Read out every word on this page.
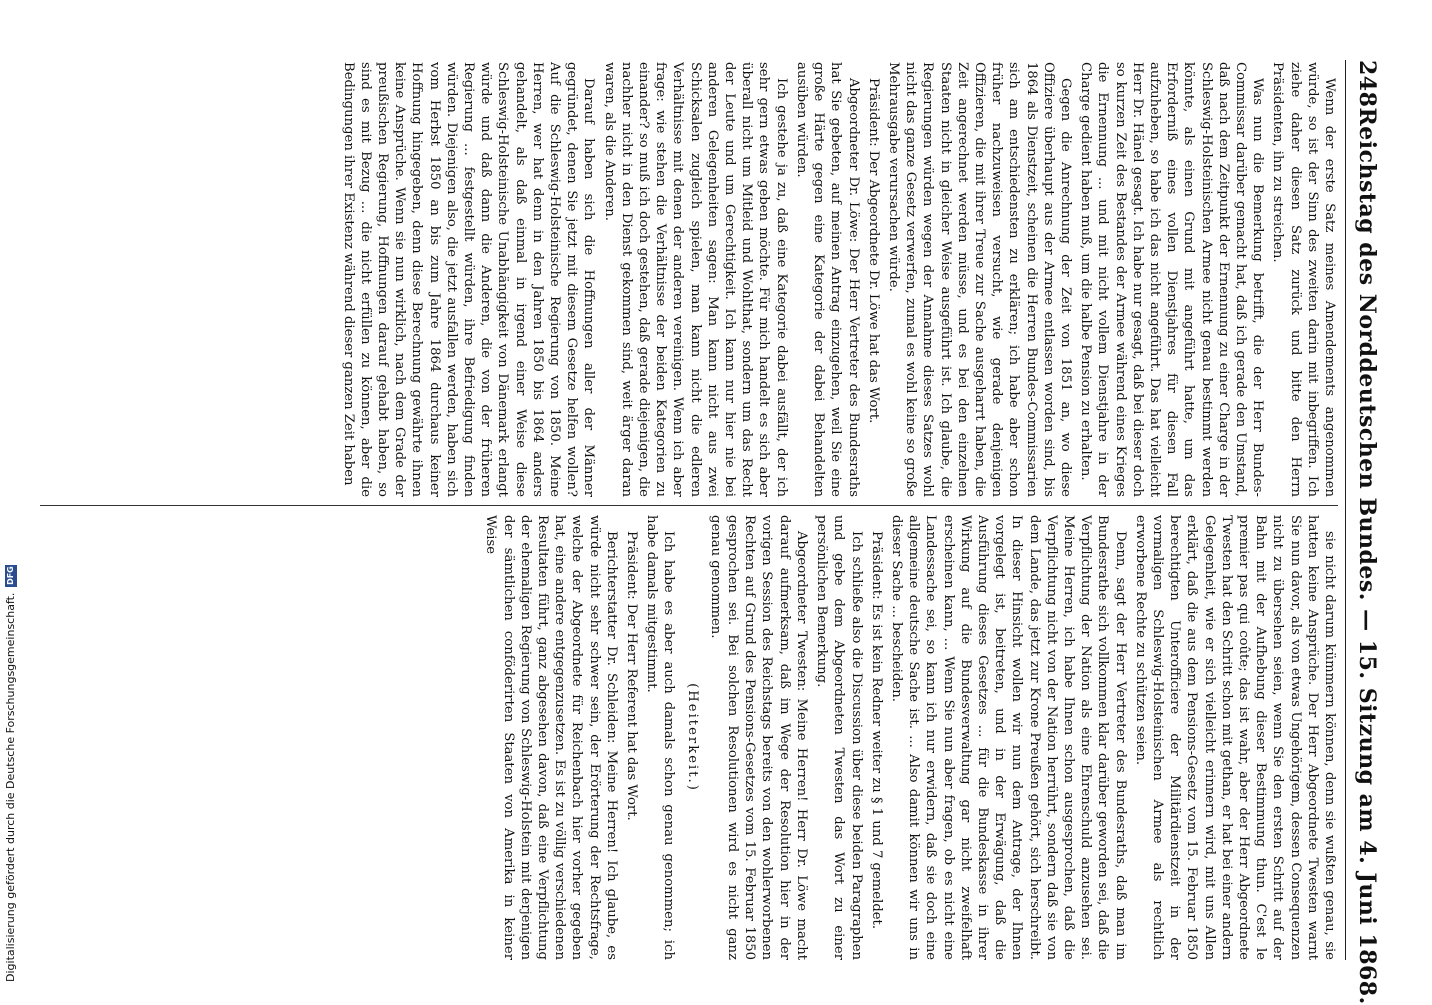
248
Reichstag des Norddeutschen Bundes. — 15. Sitzung am 4. Juni 1868.

Wenn der erste Satz meines Amendements angenommen würde, so ist der Sinn des zweiten darin mit inbegriffen. Ich ziehe daher diesen Satz zurück und bitte den Herrn Präsidenten, ihn zu streichen.

Was nun die Bemerkung betrifft, die der Herr Bundes-Commissar darüber gemacht hat, daß ich gerade den Umstand, daß nach dem Zeitpunkt der Ernennung zu einer Charge in der Schleswig-Holsteinischen Armee nicht genau bestimmt werden könnte, als einen Grund mit angeführt hatte, um das Erforderniß eines vollen Dienstjahres für diesen Fall aufzuheben, so habe ich das nicht angeführt. Das hat vielleicht Herr Dr. Hänel gesagt. Ich habe nur gesagt, daß bei dieser doch so kurzen Zeit des Bestandes der Armee während eines Krieges die Ernennung ... und mit nicht vollem Dienstjahre in der Charge gedient haben muß, um die halbe Pension zu erhalten.

Gegen die Anrechnung der Zeit von 1851 an, wo diese Offiziere überhaupt aus der Armee entlassen worden sind, bis 1864 als Dienstzeit, scheinen die Herren Bundes-Commissarien sich am entschiedensten zu erklären; ich habe aber schon früher nachzuweisen versucht, wie gerade denjenigen Offizieren, die mit ihrer Treue zur Sache ausgeharrt haben, die Zeit angerechnet werden müsse, und es bei den einzelnen Staaten nicht in gleicher Weise ausgeführt ist. Ich glaube, die Regierungen würden wegen der Annahme dieses Satzes wohl nicht das ganze Gesetz verwerfen, zumal es wohl keine so große Mehrausgabe verursachen würde.

Präsident: Der Abgeordnete Dr. Löwe hat das Wort.

Abgeordneter Dr. Löwe: Der Herr Vertreter des Bundesraths hat Sie gebeten, auf meinen Antrag einzugehen, weil Sie eine große Härte gegen eine Kategorie der dabei Behandelten ausüben würden.

Ich gestehe ja zu, daß eine Kategorie dabei ausfällt, der ich sehr gern etwas geben möchte. Für mich handelt es sich aber überall nicht um Mitleid und Wohlthat, sondern um das Recht der Leute und um Gerechtigkeit. Ich kann nur hier nie bei anderen Gelegenheiten sagen: Man kann nicht aus zwei Schicksalen zugleich spielen, man kann nicht die edleren Verhältnisse mit denen der anderen vereinigen. Wenn ich aber frage: wie stehen die Verhältnisse der beiden Kategorien zu einander? so muß ich doch gestehen, daß gerade diejenigen, die nachher nicht in den Dienst gekommen sind, weit ärger daran waren, als die Anderen.

Darauf haben sich die Hoffnungen aller der Männer gegründet, denen Sie jetzt mit diesem Gesetze helfen wollen? Auf die Schleswig-Holsteinische Regierung von 1850. Meine Herren, wer hat denn in den Jahren 1850 bis 1864 anders gehandelt, als daß einmal in irgend einer Weise diese Schleswig-Holsteinische Unabhängigkeit von Dänemark erlangt würde und daß dann die Anderen, die von der früheren Regierung ... festgestellt würden, ihre Befriedigung finden würden. Diejenigen also, die jetzt ausfallen werden, haben sich vom Herbst 1850 an bis zum Jahre 1864 durchaus keiner Hoffnung hingegeben, denn diese Berechnung gewährte ihnen keine Ansprüche. Wenn sie nun wirklich, nach dem Grade der preußischen Regierung, Hoffnungen darauf gehabt haben, so sind es mit Bezug ... die nicht erfüllen zu können, aber die Bedingungen ihrer Existenz während dieser ganzen Zeit haben

sie nicht darum kümmern können, denn sie wußten genau, sie hatten keine Ansprüche. Der Herr Abgeordnete Twesten warnt Sie nun davor, als von etwas Ungehörigem, dessen Consequenzen nicht zu übersehen seien, wenn Sie den ersten Schritt auf der Bahn mit der Aufhebung dieser Bestimmung thun. C'est le premier pas qui coûte; das ist wahr, aber der Herr Abgeordnete Twesten hat den Schritt schon mit gethan, er hat bei einer andern Gelegenheit, wie er sich vielleicht erinnern wird, mit uns Allen erklärt, daß die aus dem Pensions-Gesetz vom 15. Februar 1850 berechtigten Unterofficiere der Militärdienstzeit in der vormaligen Schleswig-Holsteinischen Armee als rechtlich erworbene Rechte zu schützen seien.

Denn, sagt der Herr Vertreter des Bundesraths, daß man im Bundesrathe sich vollkommen klar darüber geworden sei, daß die Verpflichtung der Nation als eine Ehrenschuld anzusehen sei. Meine Herren, ich habe Ihnen schon ausgesprochen, daß die Verpflichtung nicht von der Nation herrührt, sondern daß sie von dem Lande, das jetzt zur Krone Preußen gehört, sich herschreibt. In dieser Hinsicht wollen wir nun dem Antrage, der Ihnen vorgelegt ist, beitreten, und in der Erwägung, daß die Ausführung dieses Gesetzes ... für die Bundeskasse in ihrer Wirkung auf die Bundesverwaltung gar nicht zweifelhaft erscheinen kann, ... Wenn Sie nun aber fragen, ob es nicht eine Landessache sei, so kann ich nur erwidern, daß sie doch eine allgemeine deutsche Sache ist. ... Also damit können wir uns in dieser Sache ... bescheiden.

Präsident: Es ist kein Redner weiter zu § 1 und 7 gemeldet.

Ich schließe also die Discussion über diese beiden Paragraphen und gebe dem Abgeordneten Twesten das Wort zu einer persönlichen Bemerkung.

Abgeordneter Twesten: Meine Herren! Herr Dr. Löwe macht darauf aufmerksam, daß im Wege der Resolution hier in der vorigen Session des Reichstags bereits von den wohlerworbenen Rechten auf Grund des Pensions-Gesetzes vom 15. Februar 1850 gesprochen sei. Bei solchen Resolutionen wird es nicht ganz genau genommen.

(Heiterkeit.)

Ich habe es aber auch damals schon genau genommen; ich habe damals mitgestimmt.

Präsident: Der Herr Referent hat das Wort.

Berichterstatter Dr. Schleiden: Meine Herren! Ich glaube, es würde nicht sehr schwer sein, der Erörterung der Rechtsfrage, welche der Abgeordnete für Reichenbach hier vorher gegeben hat, eine andere entgegenzusetzen. Es ist zu völlig verschiedenen Resultaten führt, ganz abgesehen davon, daß eine Verpflichtung der ehemaligen Regierung von Schleswig-Holstein mit derjenigen der sämtlichen conföderirten Staaten von Amerika in keiner Weise

Digitalisierung gefördert durch die Deutsche Forschungsgemeinschaft.
DFG
